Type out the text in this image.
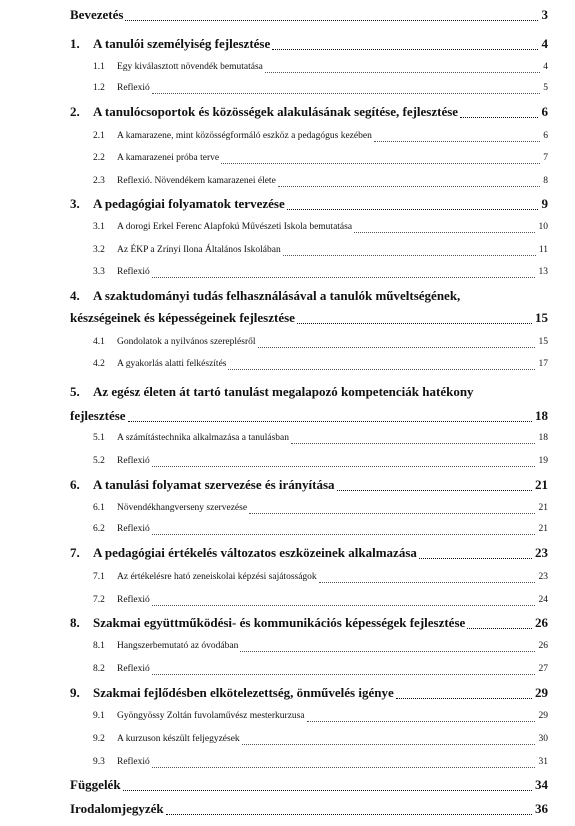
Bevezetés	3
1. A tanulói személyiség fejlesztése	4
1.1 Egy kiválasztott növendék bemutatása	4
1.2 Reflexió	5
2. A tanulócsoportok és közösségek alakulásának segítése, fejlesztése	6
2.1 A kamarazene, mint közösségformáló eszköz a pedagógus kezében	6
2.2 A kamarazenei próba terve	7
2.3 Reflexió. Növendékem kamarazenei élete	8
3. A pedagógiai folyamatok tervezése	9
3.1 A dorogi Erkel Ferenc Alapfokú Művészeti Iskola bemutatása	10
3.2 Az ÉKP a Zrínyi Ilona Általános Iskolában	11
3.3 Reflexió	13
4. A szaktudományi tudás felhasználásával a tanulók műveltségének,
készségeinek és képességeinek fejlesztése	15
4.1 Gondolatok a nyilvános szereplésről	15
4.2 A gyakorlás alatti felkészítés	17
5. Az egész életen át tartó tanulást megalapozó kompetenciák hatékony
fejlesztése	18
5.1 A számítástechnika alkalmazása a tanulásban	18
5.2 Reflexió	19
6. A tanulási folyamat szervezése és irányítása	21
6.1 Növendékhangverseny szervezése	21
6.2 Reflexió	21
7. A pedagógiai értékelés változatos eszközeinek alkalmazása	23
7.1 Az értékelésre ható zeneiskolai képzési sajátosságok	23
7.2 Reflexió	24
8. Szakmai együttműködési- és kommunikációs képességek fejlesztése	26
8.1 Hangszerbemutató az óvodában	26
8.2 Reflexió	27
9. Szakmai fejlődésben elkötelezettség, önművelés igénye	29
9.1 Gyöngyössy Zoltán fuvolaművész mesterkurzusa	29
9.2 A kurzuson készült feljegyzések	30
9.3 Reflexió	31
Függelék	34
Irodalomjegyzék	36
